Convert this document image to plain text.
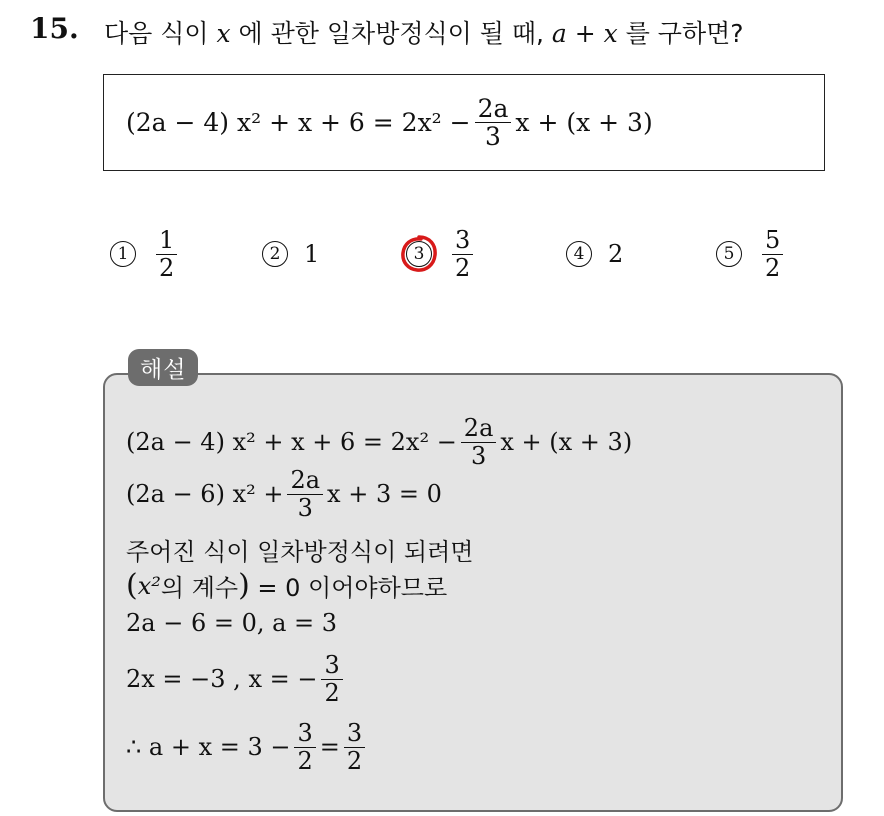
15. 다음 식이 x 에 관한 일차방정식이 될 때, a + x 를 구하면?
(2a − 4) $x^2 + x + 6 = 2x^2 - \frac{2a}{3}$ x + (x + 3)
1	$\frac{1}{2}$	2 1	3	$\frac{3}{2}$	4 2	5	$\frac{5}{2}$
해설
(2a − 4) $x^2 + x + 6 = 2x^2 - \frac{2a}{3}$ x + (x + 3)
(2a − 6) $x^2 + \frac{2a}{3}$ x + 3 = 0
주어진 식이 일차방정식이 되려면
( x² 의 계수 ) = 0 이어야하므로
2a − 6 = 0, a = 3
2x = −3 , x = − $\frac{3}{2}$
∴ $a + x = 3 - \frac{3}{2} = \frac{3}{2}$
